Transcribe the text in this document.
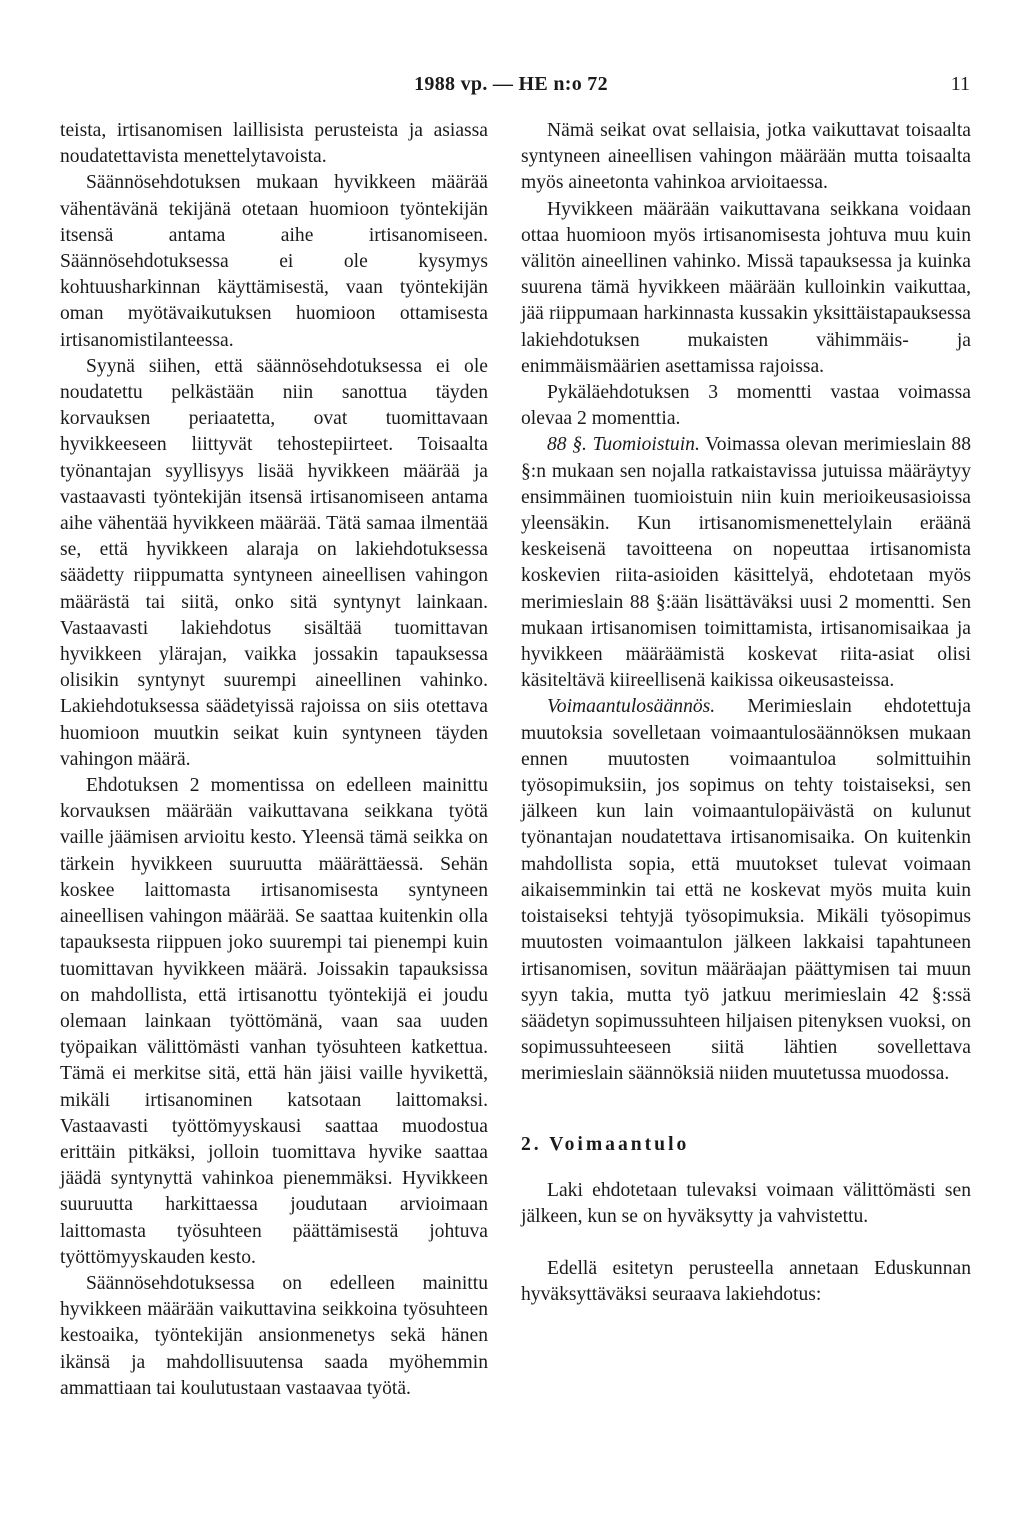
1988 vp. — HE n:o 72	11

teista, irtisanomisen laillisista perusteista ja asiassa noudatettavista menettelytavoista.

Säännösehdotuksen mukaan hyvikkeen määrää vähentävänä tekijänä otetaan huomioon työntekijän itsensä antama aihe irtisanomiseen. Säännösehdotuksessa ei ole kysymys kohtuusharkinnan käyttämisestä, vaan työntekijän oman myötävaikutuksen huomioon ottamisesta irtisanomistilanteessa.

Syynä siihen, että säännösehdotuksessa ei ole noudatettu pelkästään niin sanottua täyden korvauksen periaatetta, ovat tuomittavaan hyvikkeeseen liittyvät tehostepiirteet. Toisaalta työnantajan syyllisyys lisää hyvikkeen määrää ja vastaavasti työntekijän itsensä irtisanomiseen antama aihe vähentää hyvikkeen määrää. Tätä samaa ilmentää se, että hyvikkeen alaraja on lakiehdotuksessa säädetty riippumatta syntyneen aineellisen vahingon määrästä tai siitä, onko sitä syntynyt lainkaan. Vastaavasti lakiehdotus sisältää tuomittavan hyvikkeen ylärajan, vaikka jossakin tapauksessa olisikin syntynyt suurempi aineellinen vahinko. Lakiehdotuksessa säädetyissä rajoissa on siis otettava huomioon muutkin seikat kuin syntyneen täyden vahingon määrä.

Ehdotuksen 2 momentissa on edelleen mainittu korvauksen määrään vaikuttavana seikkana työtä vaille jäämisen arvioitu kesto. Yleensä tämä seikka on tärkein hyvikkeen suuruutta määrättäessä. Sehän koskee laittomasta irtisanomisesta syntyneen aineellisen vahingon määrää. Se saattaa kuitenkin olla tapauksesta riippuen joko suurempi tai pienempi kuin tuomittavan hyvikkeen määrä. Joissakin tapauksissa on mahdollista, että irtisanottu työntekijä ei joudu olemaan lainkaan työttömänä, vaan saa uuden työpaikan välittömästi vanhan työsuhteen katkettua. Tämä ei merkitse sitä, että hän jäisi vaille hyvikettä, mikäli irtisanominen katsotaan laittomaksi. Vastaavasti työttömyyskausi saattaa muodostua erittäin pitkäksi, jolloin tuomittava hyvike saattaa jäädä syntynyttä vahinkoa pienemmäksi. Hyvikkeen suuruutta harkittaessa joudutaan arvioimaan laittomasta työsuhteen päättämisestä johtuva työttömyyskauden kesto.

Säännösehdotuksessa on edelleen mainittu hyvikkeen määrään vaikuttavina seikkoina työsuhteen kestoaika, työntekijän ansionmenetys sekä hänen ikänsä ja mahdollisuutensa saada myöhemmin ammattiaan tai koulutustaan vastaavaa työtä.

Nämä seikat ovat sellaisia, jotka vaikuttavat toisaalta syntyneen aineellisen vahingon määrään mutta toisaalta myös aineetonta vahinkoa arvioitaessa.

Hyvikkeen määrään vaikuttavana seikkana voidaan ottaa huomioon myös irtisanomisesta johtuva muu kuin välitön aineellinen vahinko. Missä tapauksessa ja kuinka suurena tämä hyvikkeen määrään kulloinkin vaikuttaa, jää riippumaan harkinnasta kussakin yksittäistapauksessa lakiehdotuksen mukaisten vähimmäis- ja enimmäismäärien asettamissa rajoissa.

Pykäläehdotuksen 3 momentti vastaa voimassa olevaa 2 momenttia.

88 §. Tuomioistuin. Voimassa olevan merimieslain 88 §:n mukaan sen nojalla ratkaistavissa jutuissa määräytyy ensimmäinen tuomioistuin niin kuin merioikeusasioissa yleensäkin. Kun irtisanomismenettelylain eräänä keskeisenä tavoitteena on nopeuttaa irtisanomista koskevien riita-asioiden käsittelyä, ehdotetaan myös merimieslain 88 §:ään lisättäväksi uusi 2 momentti. Sen mukaan irtisanomisen toimittamista, irtisanomisaikaa ja hyvikkeen määräämistä koskevat riita-asiat olisi käsiteltävä kiireellisenä kaikissa oikeusasteissa.

Voimaantulosäännös. Merimieslain ehdotettuja muutoksia sovelletaan voimaantulosäännöksen mukaan ennen muutosten voimaantuloa solmittuihin työsopimuksiin, jos sopimus on tehty toistaiseksi, sen jälkeen kun lain voimaantulopäivästä on kulunut työnantajan noudatettava irtisanomisaika. On kuitenkin mahdollista sopia, että muutokset tulevat voimaan aikaisemminkin tai että ne koskevat myös muita kuin toistaiseksi tehtyjä työsopimuksia. Mikäli työsopimus muutosten voimaantulon jälkeen lakkaisi tapahtuneen irtisanomisen, sovitun määräajan päättymisen tai muun syyn takia, mutta työ jatkuu merimieslain 42 §:ssä säädetyn sopimussuhteen hiljaisen pitenyksen vuoksi, on sopimussuhteeseen siitä lähtien sovellettava merimieslain säännöksiä niiden muutetussa muodossa.

2. Voimaantulo

Laki ehdotetaan tulevaksi voimaan välittömästi sen jälkeen, kun se on hyväksytty ja vahvistettu.

Edellä esitetyn perusteella annetaan Eduskunnan hyväksyttäväksi seuraava lakiehdotus:
